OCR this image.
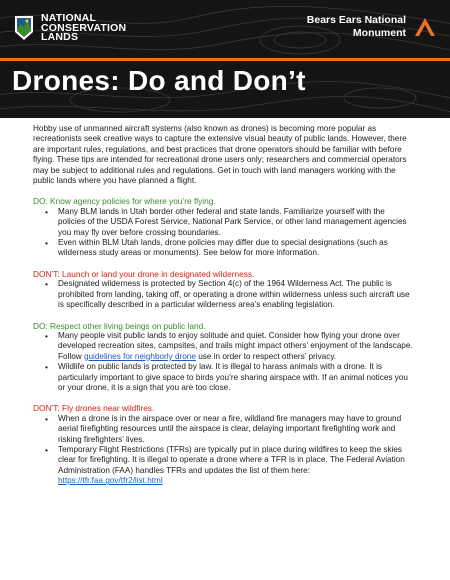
NATIONAL
CONSERVATION
LANDS
Bears Ears National
Monument
Drones: Do and Don’t

Hobby use of unmanned aircraft systems (also known as drones) is becoming more popular as recreationists seek creative ways to capture the extensive visual beauty of public lands. However, there are important rules, regulations, and best practices that drone operators should be familiar with before flying. These tips are intended for recreational drone users only; researchers and commercial operators may be subject to additional rules and regulations. Get in touch with land managers working with the public lands where you have planned a flight.

DO: Know agency policies for where you’re flying.
• Many BLM lands in Utah border other federal and state lands. Familiarize yourself with the policies of the USDA Forest Service, National Park Service, or other land management agencies you may fly over before crossing boundaries.
• Even within BLM Utah lands, drone policies may differ due to special designations (such as wilderness study areas or monuments). See below for more information.
DON’T: Launch or land your drone in designated wilderness.
• Designated wilderness is protected by Section 4(c) of the 1964 Wilderness Act. The public is prohibited from landing, taking off, or operating a drone within wilderness unless such aircraft use is specifically described in a particular wilderness area’s enabling legislation.
DO: Respect other living beings on public land.
• Many people visit public lands to enjoy solitude and quiet. Consider how flying your drone over developed recreation sites, campsites, and trails might impact others’ enjoyment of the landscape. Follow guidelines for neighborly drone use in order to respect others’ privacy.
• Wildlife on public lands is protected by law. It is illegal to harass animals with a drone. It is particularly important to give space to birds you’re sharing airspace with. If an animal notices you or your drone, it is a sign that you are too close.
DON’T: Fly drones near wildfires.
• When a drone is in the airspace over or near a fire, wildland fire managers may have to ground aerial firefighting resources until the airspace is clear, delaying important firefighting work and risking firefighters’ lives.
• Temporary Flight Restrictions (TFRs) are typically put in place during wildfires to keep the skies clear for firefighting. It is illegal to operate a drone where a TFR is in place. The Federal Aviation Administration (FAA) handles TFRs and updates the list of them here: https://tfr.faa.gov/tfr2/list.html
